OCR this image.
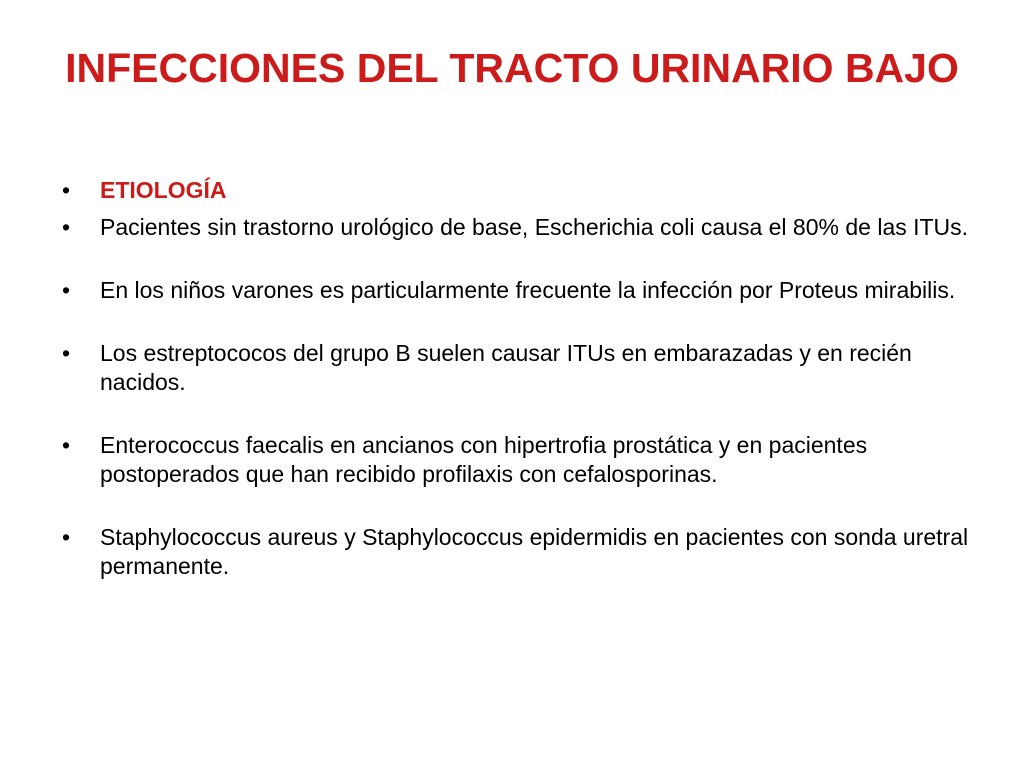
INFECCIONES DEL TRACTO URINARIO BAJO
•	ETIOLOGÍA
•	Pacientes sin trastorno urológico de base, Escherichia coli causa el 80% de las ITUs.
•	En los niños varones es particularmente frecuente la infección por Proteus mirabilis.
•	Los estreptococos del grupo B suelen causar ITUs en embarazadas y en recién nacidos.
•	Enterococcus faecalis en ancianos con hipertrofia prostática y en pacientes postoperados que han recibido profilaxis con cefalosporinas.
•	Staphylococcus aureus y Staphylococcus epidermidis en pacientes con sonda uretral permanente.
